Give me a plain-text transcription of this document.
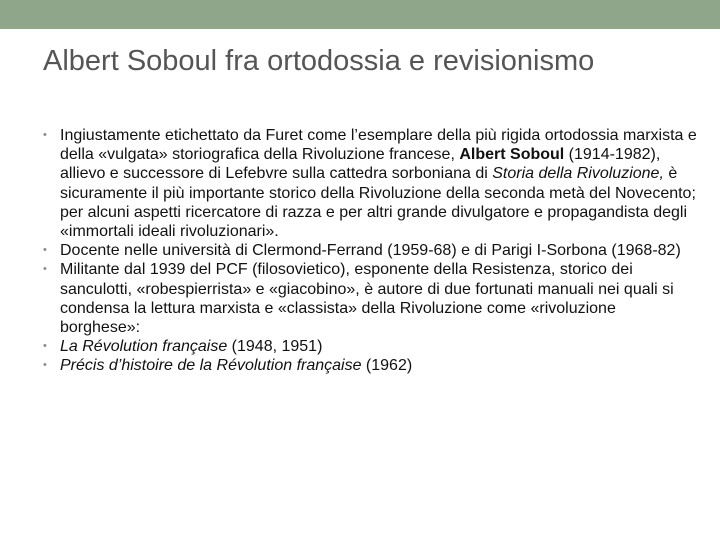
Albert Soboul fra ortodossia e revisionismo
• Ingiustamente etichettato da Furet come l’esemplare della più rigida ortodossia marxista e della «vulgata» storiografica della Rivoluzione francese, Albert Soboul (1914-1982), allievo e successore di Lefebvre sulla cattedra sorboniana di Storia della Rivoluzione, è sicuramente il più importante storico della Rivoluzione della seconda metà del Novecento; per alcuni aspetti ricercatore di razza e per altri grande divulgatore e propagandista degli «immortali ideali rivoluzionari».
• Docente nelle università di Clermond-Ferrand (1959-68) e di Parigi I-Sorbona (1968-82)
• Militante dal 1939 del PCF (filosovietico), esponente della Resistenza, storico dei sanculotti, «robespierrista» e «giacobino», è autore di due fortunati manuali nei quali si condensa la lettura marxista e «classista» della Rivoluzione come «rivoluzione borghese»:
• La Révolution française (1948, 1951)
• Précis d’histoire de la Révolution française (1962)
